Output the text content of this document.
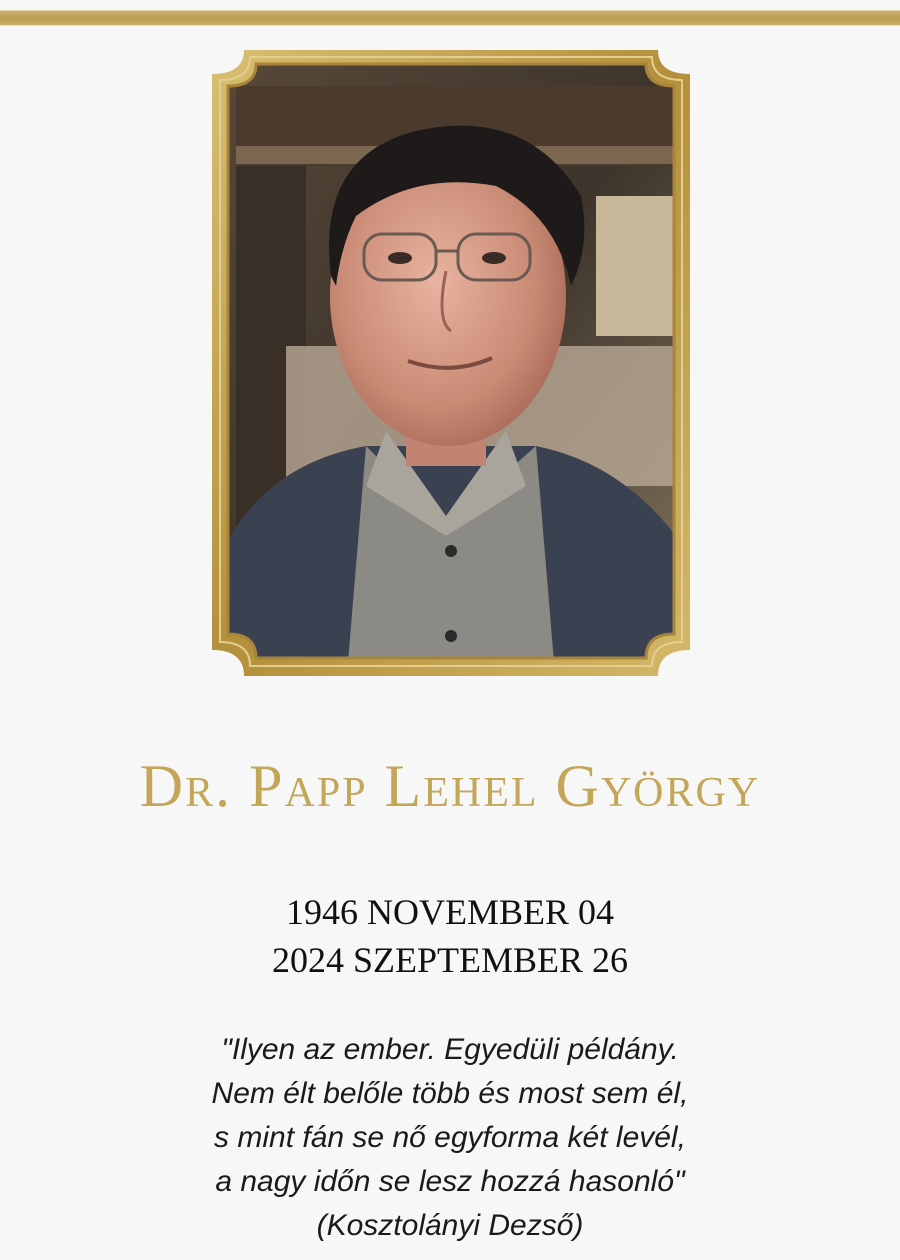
Dr. Papp Lehel György
1946 NOVEMBER 04
2024 SZEPTEMBER 26
"Ilyen az ember. Egyedüli példány.
Nem élt belőle több és most sem él,
s mint fán se nő egyforma két levél,
a nagy időn se lesz hozzá hasonló"
(Kosztolányi Dezső)
